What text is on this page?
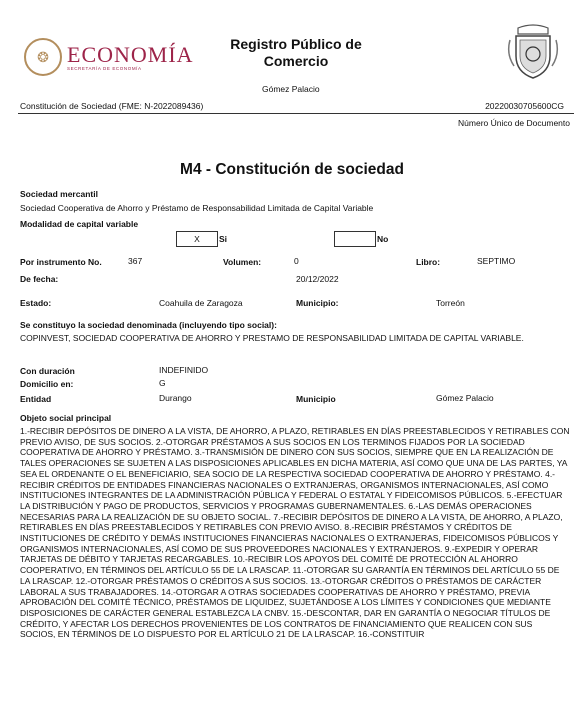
❂ ECONOMÍA
SECRETARÍA DE ECONOMÍA
Registro Público de Comercio
Gómez Palacio
Constitución de Sociedad (FME: N-2022089436)	20220030705600CG
Número Único de Documento
M4 - Constitución de sociedad
Sociedad mercantil
Sociedad Cooperativa de Ahorro y Préstamo de Responsabilidad Limitada de Capital Variable
Modalidad de capital variable
X	Si	No
Por instrumento No.	367	Volumen:	0	Libro:	SEPTIMO
De fecha:	20/12/2022
Estado:	Coahuila de Zaragoza	Municipio:	Torreón
Se constituyo la sociedad denominada (incluyendo tipo social):
COPINVEST, SOCIEDAD COOPERATIVA DE AHORRO Y PRESTAMO DE RESPONSABILIDAD LIMITADA DE CAPITAL VARIABLE.
Con duración	INDEFINIDO
Domicilio en:	G
Entidad	Durango	Municipio	Gómez Palacio
Objeto social principal
1.-RECIBIR DEPÓSITOS DE DINERO A LA VISTA, DE AHORRO, A PLAZO, RETIRABLES EN DÍAS PREESTABLECIDOS Y RETIRABLES CON PREVIO AVISO, DE SUS SOCIOS. 2.-OTORGAR PRÉSTAMOS A SUS SOCIOS EN LOS TERMINOS FIJADOS POR LA SOCIEDAD COOPERATIVA DE AHORRO Y PRÉSTAMO. 3.-TRANSMISIÓN DE DINERO CON SUS SOCIOS, SIEMPRE QUE EN LA REALIZACIÓN DE TALES OPERACIONES SE SUJETEN A LAS DISPOSICIONES APLICABLES EN DICHA MATERIA, ASÍ COMO QUE UNA DE LAS PARTES, YA SEA EL ORDENANTE O EL BENEFICIARIO, SEA SOCIO DE LA RESPECTIVA SOCIEDAD COOPERATIVA DE AHORRO Y PRÉSTAMO. 4.-RECIBIR CRÉDITOS DE ENTIDADES FINANCIERAS NACIONALES O EXTRANJERAS, ORGANISMOS INTERNACIONALES, ASÍ COMO INSTITUCIONES INTEGRANTES DE LA ADMINISTRACIÓN PÚBLICA Y FEDERAL O ESTATAL Y FIDEICOMISOS PÚBLICOS. 5.-EFECTUAR LA DISTRIBUCIÓN Y PAGO DE PRODUCTOS, SERVICIOS Y PROGRAMAS GUBERNAMENTALES. 6.-LAS DEMÁS OPERACIONES NECESARIAS PARA LA REALIZACIÓN DE SU OBJETO SOCIAL. 7.-RECIBIR DEPÓSITOS DE DINERO A LA VISTA, DE AHORRO, A PLAZO, RETIRABLES EN DÍAS PREESTABLECIDOS Y RETIRABLES CON PREVIO AVISO. 8.-RECIBIR PRÉSTAMOS Y CRÉDITOS DE INSTITUCIONES DE CRÉDITO Y DEMÁS INSTITUCIONES FINANCIERAS NACIONALES O EXTRANJERAS, FIDEICOMISOS PÚBLICOS Y ORGANISMOS INTERNACIONALES, ASÍ COMO DE SUS PROVEEDORES NACIONALES Y EXTRANJEROS. 9.-EXPEDIR Y OPERAR TARJETAS DE DÉBITO Y TARJETAS RECARGABLES. 10.-RECIBIR LOS APOYOS DEL COMITÉ DE PROTECCIÓN AL AHORRO COOPERATIVO, EN TÉRMINOS DEL ARTÍCULO 55 DE LA LRASCAP. 11.-OTORGAR SU GARANTÍA EN TÉRMINOS DEL ARTÍCULO 55 DE LA LRASCAP. 12.-OTORGAR PRÉSTAMOS O CRÉDITOS A SUS SOCIOS. 13.-OTORGAR CRÉDITOS O PRÉSTAMOS DE CARÁCTER LABORAL A SUS TRABAJADORES. 14.-OTORGAR A OTRAS SOCIEDADES COOPERATIVAS DE AHORRO Y PRÉSTAMO, PREVIA APROBACIÓN DEL COMITÉ TÉCNICO, PRÉSTAMOS DE LIQUIDEZ, SUJETÁNDOSE A LOS LÍMITES Y CONDICIONES QUE MEDIANTE DISPOSICIONES DE CARÁCTER GENERAL ESTABLEZCA LA CNBV. 15.-DESCONTAR, DAR EN GARANTÍA O NEGOCIAR TÍTULOS DE CRÉDITO, Y AFECTAR LOS DERECHOS PROVENIENTES DE LOS CONTRATOS DE FINANCIAMIENTO QUE REALICEN CON SUS SOCIOS, EN TÉRMINOS DE LO DISPUESTO POR EL ARTÍCULO 21 DE LA LRASCAP. 16.-CONSTITUIR
